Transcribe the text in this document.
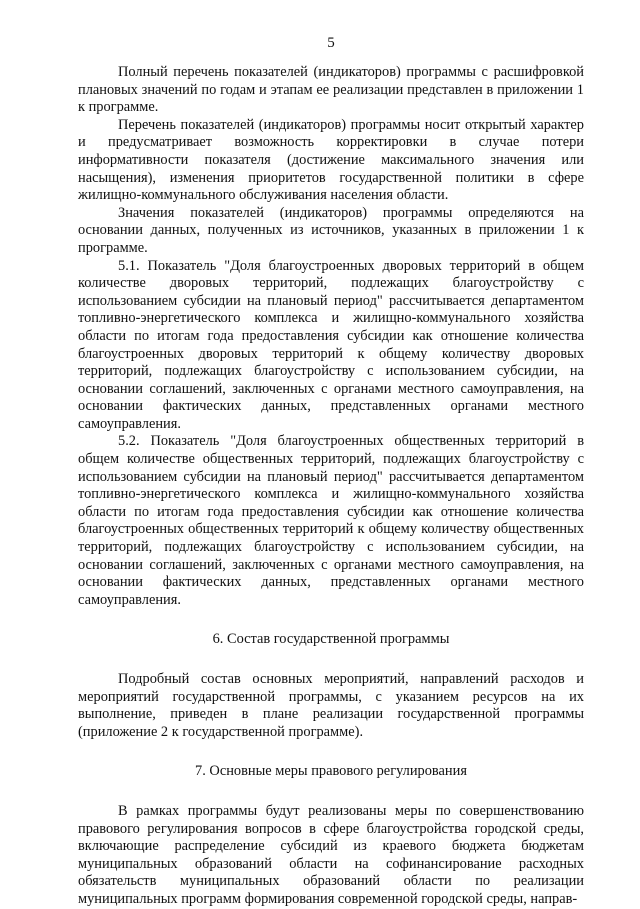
5

Полный перечень показателей (индикаторов) программы с расшифровкой плановых значений по годам и этапам ее реализации представлен в приложении 1 к программе.

Перечень показателей (индикаторов) программы носит открытый характер и предусматривает возможность корректировки в случае потери информативности показателя (достижение максимального значения или насыщения), изменения приоритетов государственной политики в сфере жилищно-коммунального обслуживания населения области.

Значения показателей (индикаторов) программы определяются на основании данных, полученных из источников, указанных в приложении 1 к программе.

5.1. Показатель "Доля благоустроенных дворовых территорий в общем количестве дворовых территорий, подлежащих благоустройству с использованием субсидии на плановый период" рассчитывается департаментом топливно-энергетического комплекса и жилищно-коммунального хозяйства области по итогам года предоставления субсидии как отношение количества благоустроенных дворовых территорий к общему количеству дворовых территорий, подлежащих благоустройству с использованием субсидии, на основании соглашений, заключенных с органами местного самоуправления, на основании фактических данных, представленных органами местного самоуправления.

5.2. Показатель "Доля благоустроенных общественных территорий в общем количестве общественных территорий, подлежащих благоустройству с использованием субсидии на плановый период" рассчитывается департаментом топливно-энергетического комплекса и жилищно-коммунального хозяйства области по итогам года предоставления субсидии как отношение количества благоустроенных общественных территорий к общему количеству общественных территорий, подлежащих благоустройству с использованием субсидии, на основании соглашений, заключенных с органами местного самоуправления, на основании фактических данных, представленных органами местного самоуправления.

6. Состав государственной программы

Подробный состав основных мероприятий, направлений расходов и мероприятий государственной программы, с указанием ресурсов на их выполнение, приведен в плане реализации государственной программы (приложение 2 к государственной программе).

7. Основные меры правового регулирования

В рамках программы будут реализованы меры по совершенствованию правового регулирования вопросов в сфере благоустройства городской среды, включающие распределение субсидий из краевого бюджета бюджетам муниципальных образований области на софинансирование расходных обязательств муниципальных образований области по реализации муниципальных программ формирования современной городской среды, направ-
